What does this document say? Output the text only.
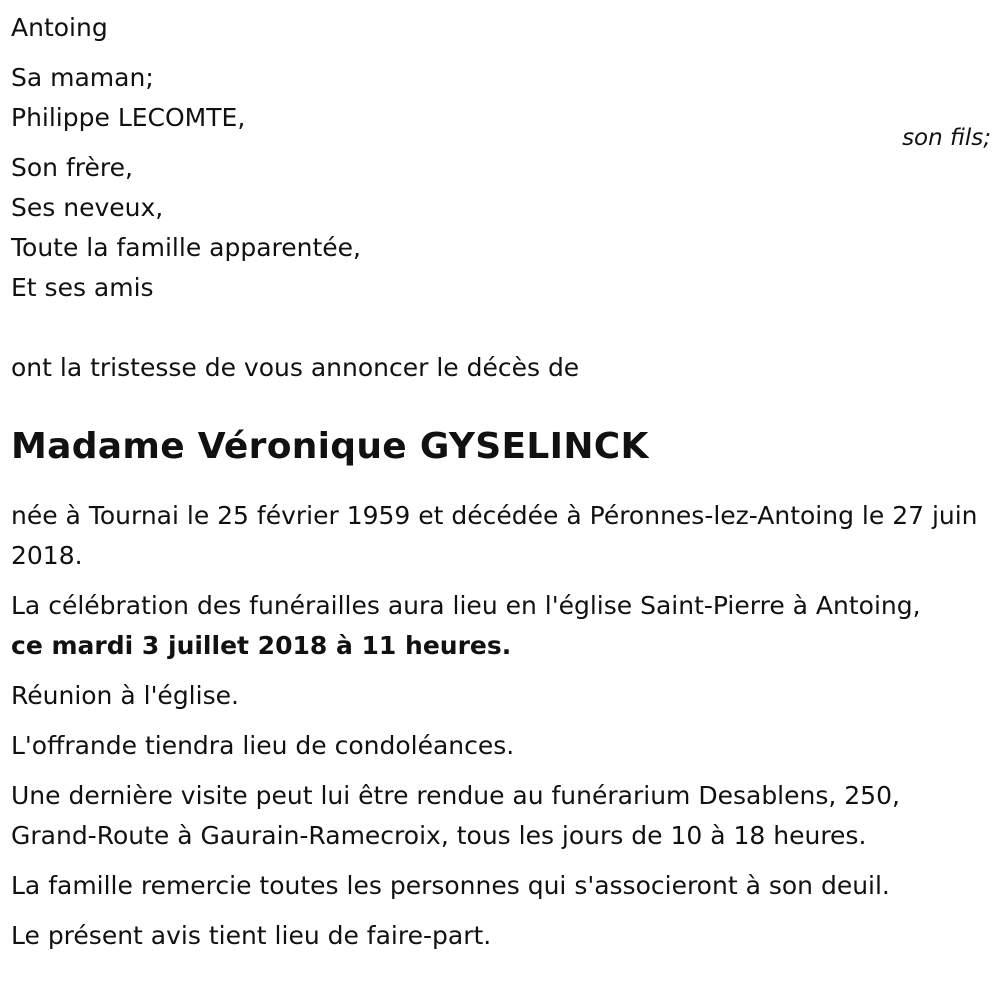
Antoing
Sa maman;
Philippe LECOMTE,
son fils;
Son frère,
Ses neveux,
Toute la famille apparentée,
Et ses amis
ont la tristesse de vous annoncer le décès de
Madame Véronique GYSELINCK
née à Tournai le 25 février 1959 et décédée à Péronnes-lez-Antoing le 27 juin 2018.
La célébration des funérailles aura lieu en l'église Saint-Pierre à Antoing,
ce mardi 3 juillet 2018 à 11 heures.
Réunion à l'église.
L'offrande tiendra lieu de condoléances.
Une dernière visite peut lui être rendue au funérarium Desablens, 250, Grand-Route à Gaurain-Ramecroix, tous les jours de 10 à 18 heures.
La famille remercie toutes les personnes qui s'associeront à son deuil.
Le présent avis tient lieu de faire-part.
